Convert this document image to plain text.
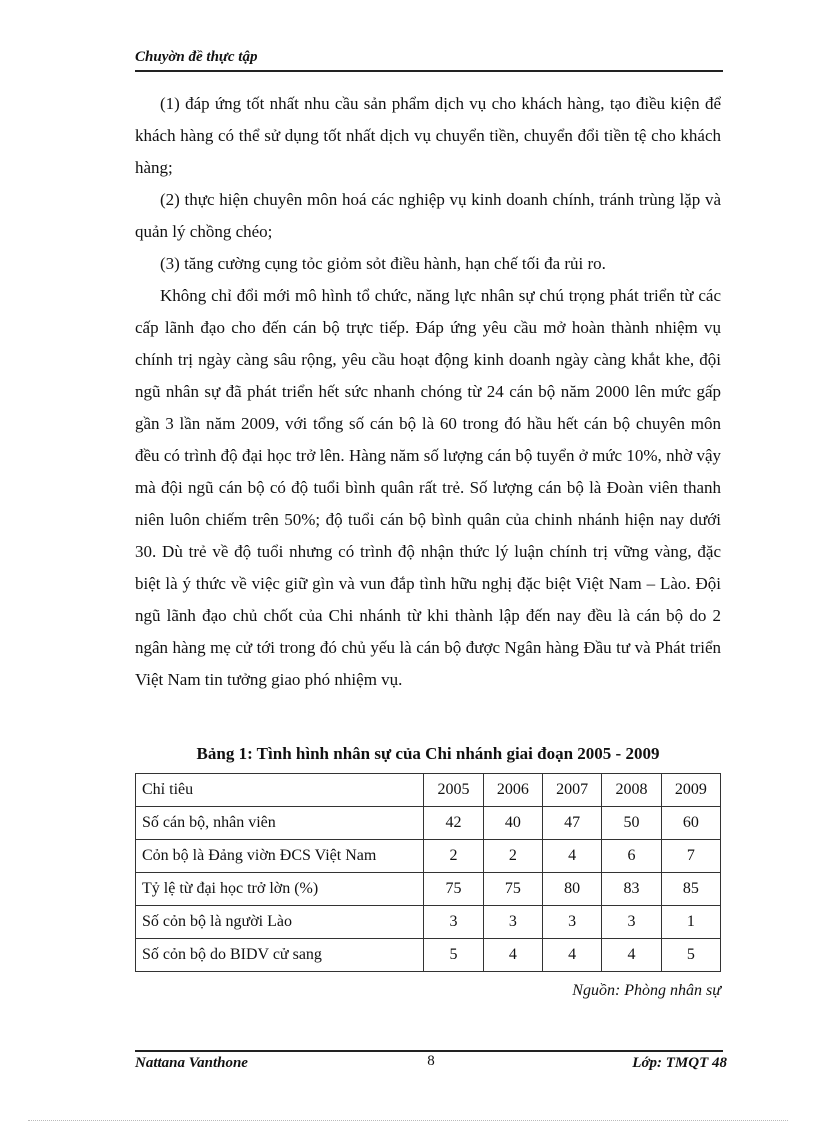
Chuyờn đề thực tập

(1) đáp ứng tốt nhất nhu cầu sản phẩm dịch vụ cho khách hàng, tạo điều kiện để khách hàng có thể sử dụng tốt nhất dịch vụ chuyển tiền, chuyển đổi tiền tệ cho khách hàng;

(2) thực hiện chuyên môn hoá các nghiệp vụ kinh doanh chính, tránh trùng lặp và quản lý chồng chéo;

(3) tăng cường cụng tỏc giỏm sỏt điều hành, hạn chế tối đa rủi ro.

Không chỉ đổi mới mô hình tổ chức, năng lực nhân sự chú trọng phát triển từ các cấp lãnh đạo cho đến cán bộ trực tiếp. Đáp ứng yêu cầu mở hoàn thành nhiệm vụ chính trị ngày càng sâu rộng, yêu cầu hoạt động kinh doanh ngày càng khắt khe, đội ngũ nhân sự đã phát triển hết sức nhanh chóng từ 24 cán bộ năm 2000 lên mức gấp gần 3 lần năm 2009, với tổng số cán bộ là 60 trong đó hầu hết cán bộ chuyên môn đều có trình độ đại học trở lên. Hàng năm số lượng cán bộ tuyển ở mức 10%, nhờ vậy mà đội ngũ cán bộ có độ tuổi bình quân rất trẻ. Số lượng cán bộ là Đoàn viên thanh niên luôn chiếm trên 50%; độ tuổi cán bộ bình quân của chinh nhánh hiện nay dưới 30. Dù trẻ về độ tuổi nhưng có trình độ nhận thức lý luận chính trị vững vàng, đặc biệt là ý thức về việc giữ gìn và vun đắp tình hữu nghị đặc biệt Việt Nam – Lào. Đội ngũ lãnh đạo chủ chốt của Chi nhánh từ khi thành lập đến nay đều là cán bộ do 2 ngân hàng mẹ cử tới trong đó chủ yếu là cán bộ được Ngân hàng Đầu tư và Phát triển Việt Nam tin tưởng giao phó nhiệm vụ.

Bảng 1: Tình hình nhân sự của Chi nhánh giai đoạn 2005 - 2009
Chỉ tiêu	2005	2006	2007	2008	2009
Số cán bộ, nhân viên	42	40	47	50	60
Cỏn bộ là Đảng viờn ĐCS Việt Nam	2	2	4	6	7
Tỷ lệ từ đại học trở lờn (%)	75	75	80	83	85
Số cỏn bộ là người Lào	3	3	3	3	1
Số cỏn bộ do BIDV cử sang	5	4	4	4	5
Nguồn: Phòng nhân sự
Nattana Vanthone	8	Lớp: TMQT 48
